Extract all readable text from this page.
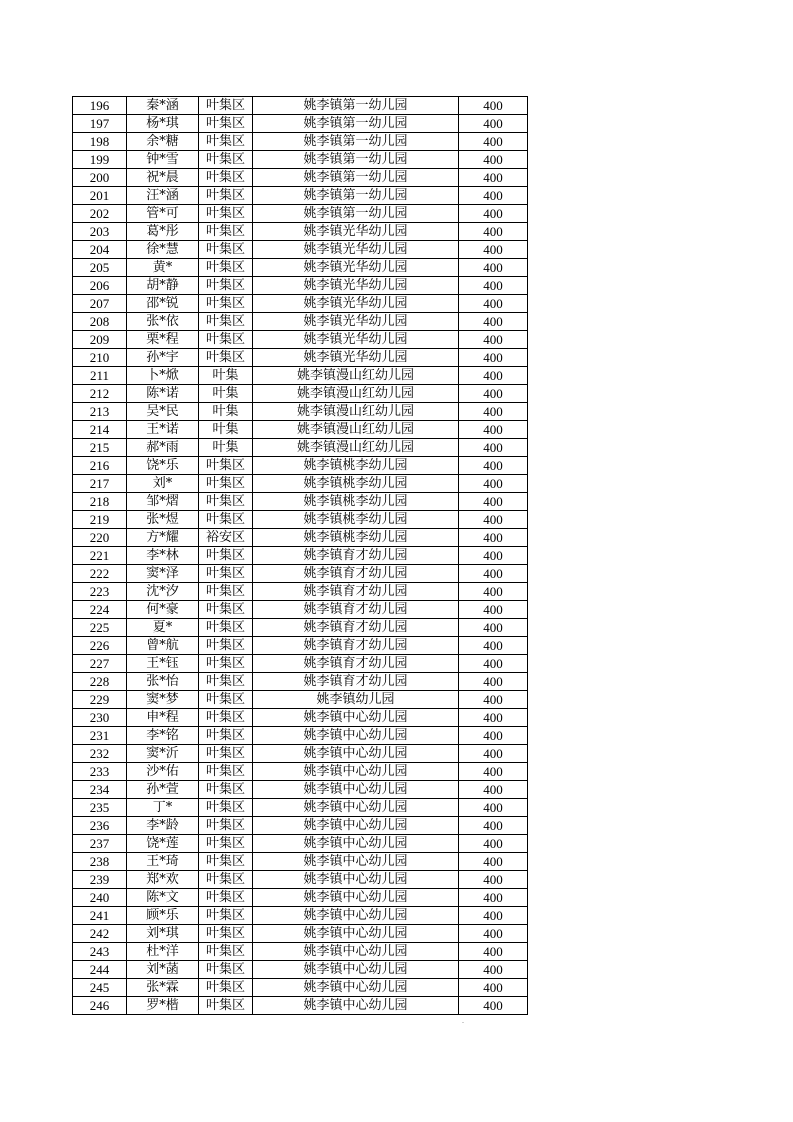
196	秦*涵	叶集区	姚李镇第一幼儿园	400
197	杨*琪	叶集区	姚李镇第一幼儿园	400
198	余*糖	叶集区	姚李镇第一幼儿园	400
199	钟*雪	叶集区	姚李镇第一幼儿园	400
200	祝*晨	叶集区	姚李镇第一幼儿园	400
201	汪*涵	叶集区	姚李镇第一幼儿园	400
202	管*可	叶集区	姚李镇第一幼儿园	400
203	葛*彤	叶集区	姚李镇光华幼儿园	400
204	徐*慧	叶集区	姚李镇光华幼儿园	400
205	黄*	叶集区	姚李镇光华幼儿园	400
206	胡*静	叶集区	姚李镇光华幼儿园	400
207	邵*锐	叶集区	姚李镇光华幼儿园	400
208	张*依	叶集区	姚李镇光华幼儿园	400
209	栗*程	叶集区	姚李镇光华幼儿园	400
210	孙*宇	叶集区	姚李镇光华幼儿园	400
211	卜*焮	叶集	姚李镇漫山红幼儿园	400
212	陈*诺	叶集	姚李镇漫山红幼儿园	400
213	吴*民	叶集	姚李镇漫山红幼儿园	400
214	王*诺	叶集	姚李镇漫山红幼儿园	400
215	郝*雨	叶集	姚李镇漫山红幼儿园	400
216	饶*乐	叶集区	姚李镇桃李幼儿园	400
217	刘*	叶集区	姚李镇桃李幼儿园	400
218	邹*熠	叶集区	姚李镇桃李幼儿园	400
219	张*煜	叶集区	姚李镇桃李幼儿园	400
220	方*耀	裕安区	姚李镇桃李幼儿园	400
221	李*林	叶集区	姚李镇育才幼儿园	400
222	窦*泽	叶集区	姚李镇育才幼儿园	400
223	沈*汐	叶集区	姚李镇育才幼儿园	400
224	何*豪	叶集区	姚李镇育才幼儿园	400
225	夏*	叶集区	姚李镇育才幼儿园	400
226	曾*航	叶集区	姚李镇育才幼儿园	400
227	王*钰	叶集区	姚李镇育才幼儿园	400
228	张*怡	叶集区	姚李镇育才幼儿园	400
229	窦*梦	叶集区	姚李镇幼儿园	400
230	申*程	叶集区	姚李镇中心幼儿园	400
231	李*铭	叶集区	姚李镇中心幼儿园	400
232	窦*沂	叶集区	姚李镇中心幼儿园	400
233	沙*佑	叶集区	姚李镇中心幼儿园	400
234	孙*萱	叶集区	姚李镇中心幼儿园	400
235	丁*	叶集区	姚李镇中心幼儿园	400
236	李*龄	叶集区	姚李镇中心幼儿园	400
237	饶*莲	叶集区	姚李镇中心幼儿园	400
238	王*琦	叶集区	姚李镇中心幼儿园	400
239	郑*欢	叶集区	姚李镇中心幼儿园	400
240	陈*文	叶集区	姚李镇中心幼儿园	400
241	顾*乐	叶集区	姚李镇中心幼儿园	400
242	刘*琪	叶集区	姚李镇中心幼儿园	400
243	杜*洋	叶集区	姚李镇中心幼儿园	400
244	刘*菡	叶集区	姚李镇中心幼儿园	400
245	张*霖	叶集区	姚李镇中心幼儿园	400
246	罗*楷	叶集区	姚李镇中心幼儿园	400
